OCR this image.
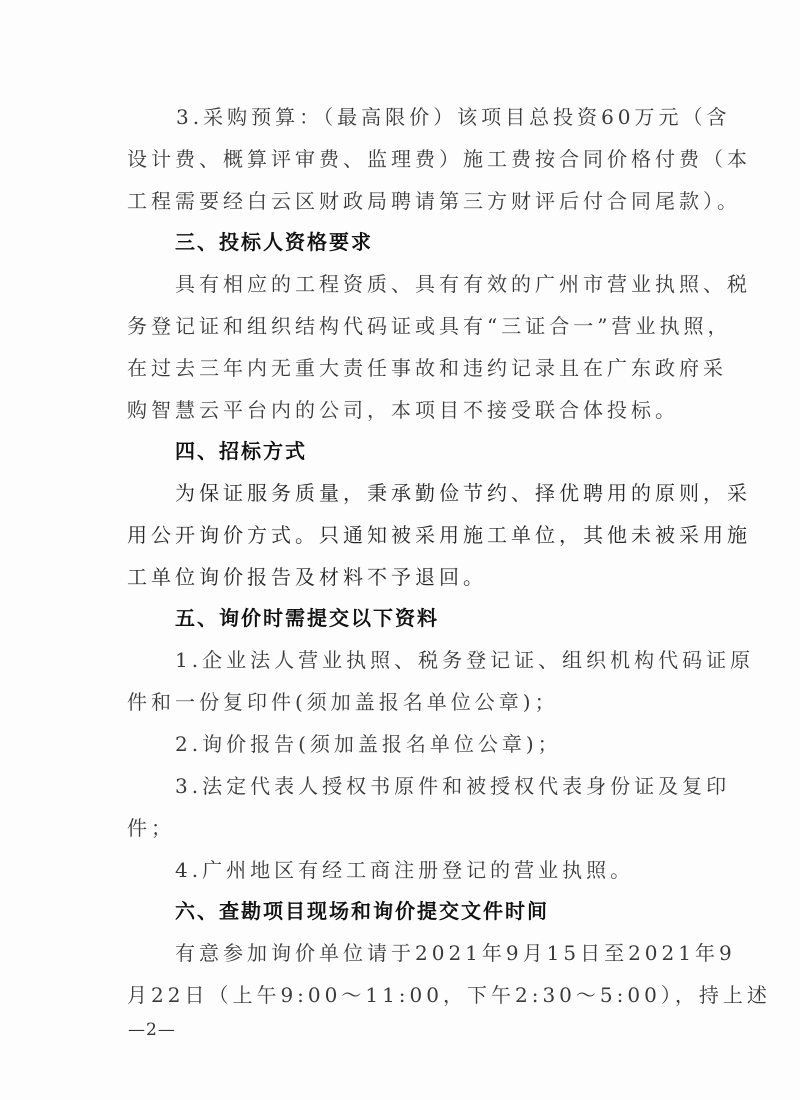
3.采购预算：（最高限价）该项目总投资60万元（含
设计费、概算评审费、监理费）施工费按合同价格付费（本
工程需要经白云区财政局聘请第三方财评后付合同尾款）。
三、投标人资格要求
具有相应的工程资质、具有有效的广州市营业执照、税
务登记证和组织结构代码证或具有“三证合一”营业执照，
在过去三年内无重大责任事故和违约记录且在广东政府采
购智慧云平台内的公司，本项目不接受联合体投标。
四、招标方式
为保证服务质量，秉承勤俭节约、择优聘用的原则，采
用公开询价方式。只通知被采用施工单位，其他未被采用施
工单位询价报告及材料不予退回。
五、询价时需提交以下资料
1.企业法人营业执照、税务登记证、组织机构代码证原
件和一份复印件(须加盖报名单位公章)；
2.询价报告(须加盖报名单位公章)；
3.法定代表人授权书原件和被授权代表身份证及复印
件；
4.广州地区有经工商注册登记的营业执照。
六、查勘项目现场和询价提交文件时间
有意参加询价单位请于2021年9月15日至2021年9
月22日（上午9:00～11:00，下午2:30～5:00），持上述
—2—
